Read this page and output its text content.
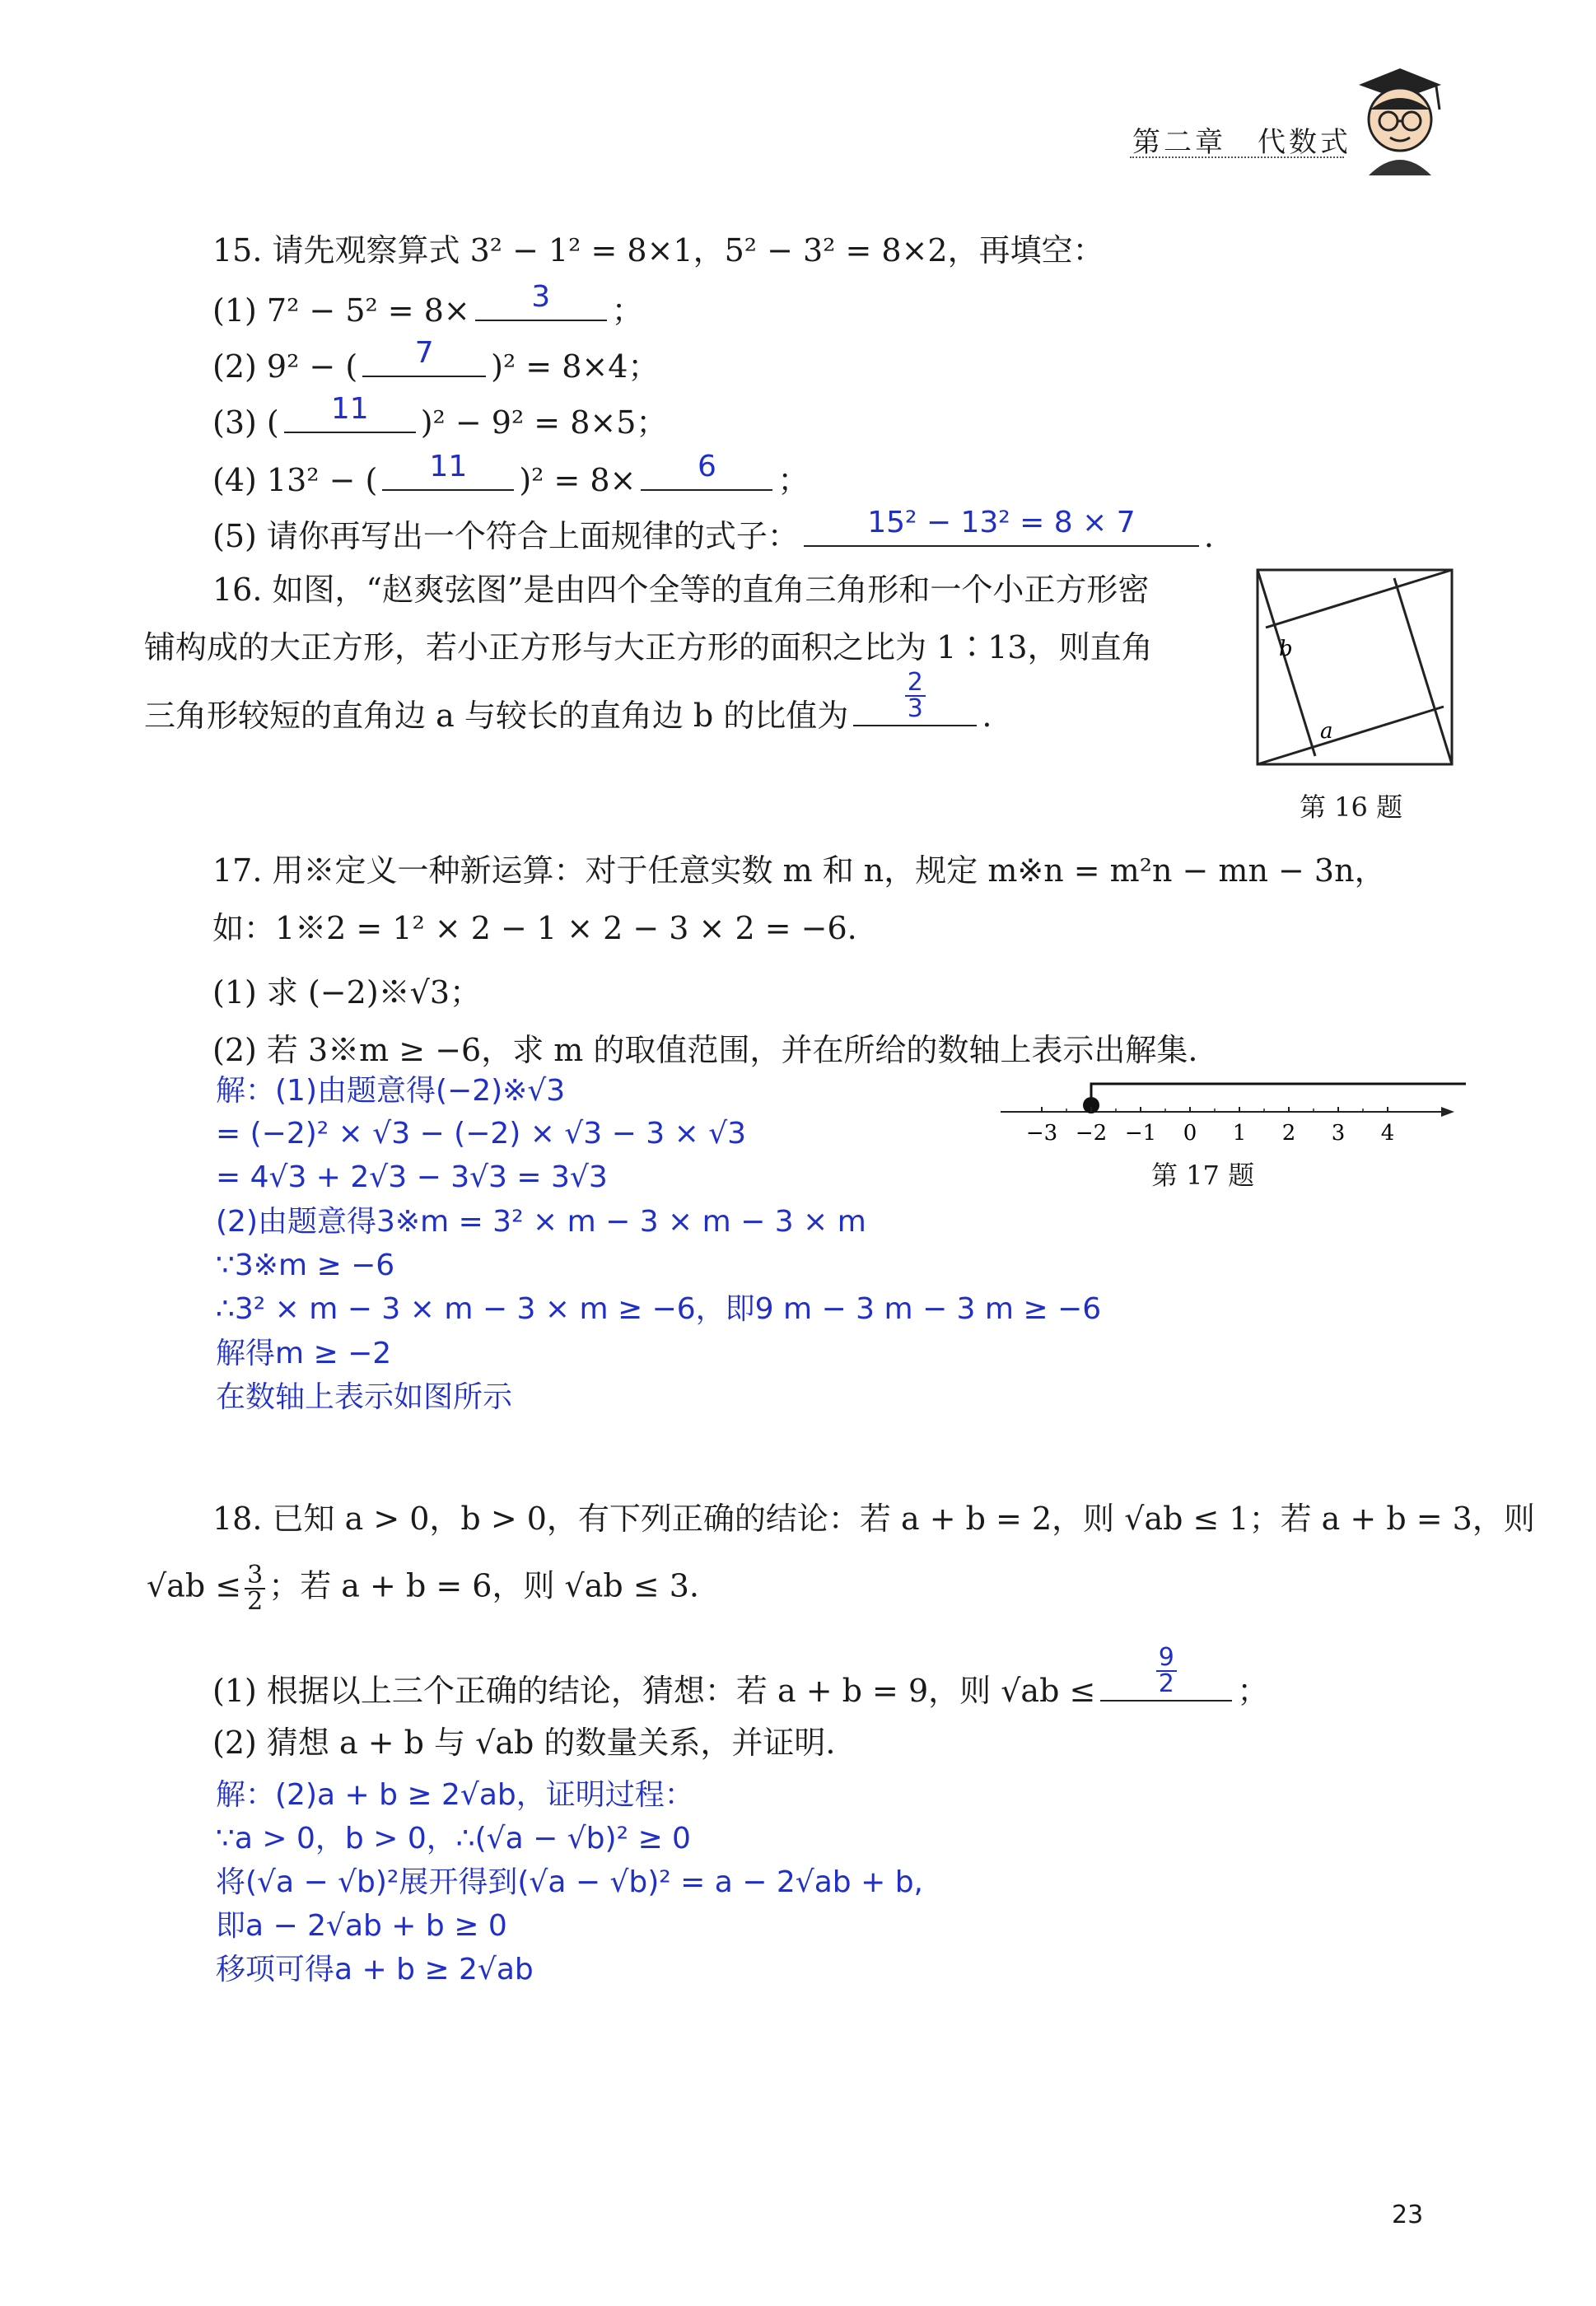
第二章　代数式
15. 请先观察算式 3² − 1² = 8×1，5² − 3² = 8×2，再填空：
(1) 7² − 5² = 8×	3	；
(2) 9² − (	7	)² = 8×4；
(3) (	11	)² − 9² = 8×5；
(4) 13² − (	11	)² = 8×	6	；
(5) 请你再写出一个符合上面规律的式子：	15² − 13² = 8 × 7	.
16. 如图，“赵爽弦图”是由四个全等的直角三角形和一个小正方形密
铺构成的大正方形，若小正方形与大正方形的面积之比为 1∶13，则直角
三角形较短的直角边 a 与较长的直角边 b 的比值为 $\frac{2}{3}$ .
b
a
第 16 题
17. 用※定义一种新运算：对于任意实数 m 和 n，规定 m※n = m²n − mn − 3n，
如：1※2 = 1² × 2 − 1 × 2 − 3 × 2 = −6.
(1) 求 (−2)※√3；
(2) 若 3※m ≥ −6，求 m 的取值范围，并在所给的数轴上表示出解集.
解：(1)由题意得(−2)※√3
= (−2)² × √3 − (−2) × √3 − 3 × √3
= 4√3 + 2√3 − 3√3 = 3√3
(2)由题意得3※m = 3² × m − 3 × m − 3 × m
∵3※m ≥ −6
∴3² × m − 3 × m − 3 × m ≥ −6，即9 m − 3 m − 3 m ≥ −6
解得m ≥ −2
在数轴上表示如图所示
−3 −2 −1 0 1 2 3 4
第 17 题
18. 已知 a > 0，b > 0，有下列正确的结论：若 a + b = 2，则 √ab ≤ 1；若 a + b = 3，则
$√ab \le \frac{3}{2}$ ；若 a + b = 6，则 √ab ≤ 3.
(1) 根据以上三个正确的结论，猜想：若 a + b = 9，则 $√ab \le \frac{9}{2}$ ；
(2) 猜想 a + b 与 √ab 的数量关系，并证明.
解：(2)a + b ≥ 2√ab，证明过程：
∵a > 0，b > 0，∴(√a − √b)² ≥ 0
将(√a − √b)²展开得到(√a − √b)² = a − 2√ab + b,
即a − 2√ab + b ≥ 0
移项可得a + b ≥ 2√ab
23
